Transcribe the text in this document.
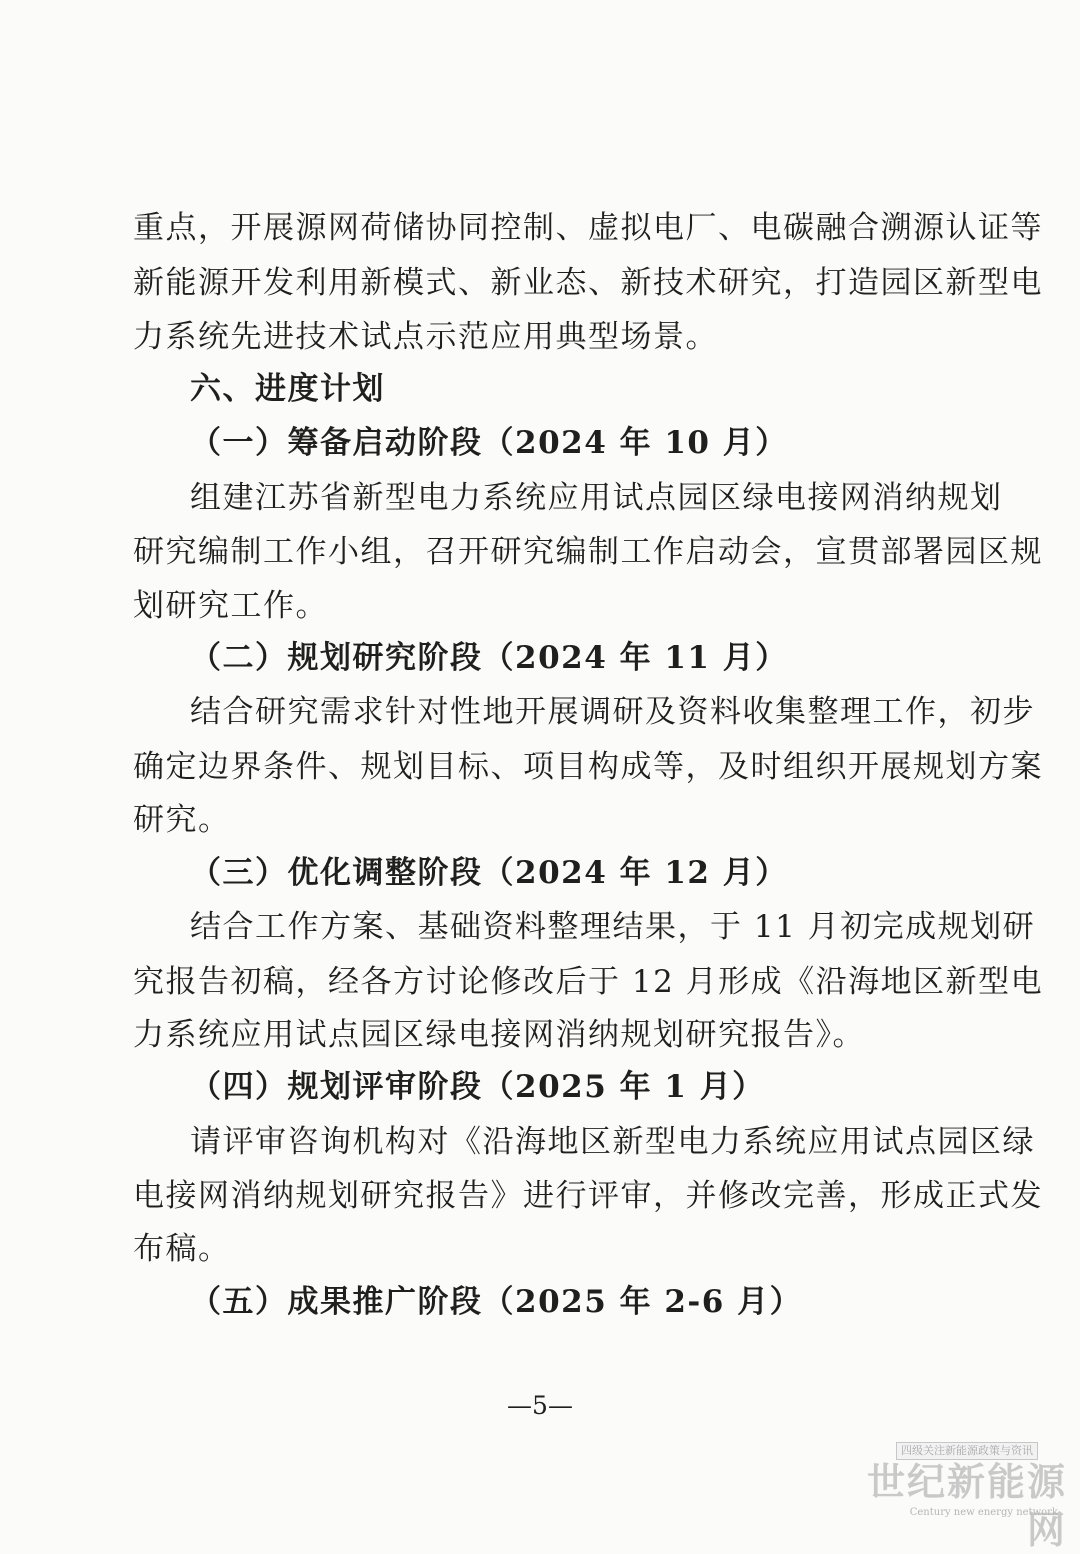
重点，开展源网荷储协同控制、虚拟电厂、电碳融合溯源认证等
新能源开发利用新模式、新业态、新技术研究，打造园区新型电
力系统先进技术试点示范应用典型场景。
六、进度计划
（一）筹备启动阶段（2024 年 10 月）
组建江苏省新型电力系统应用试点园区绿电接网消纳规划
研究编制工作小组，召开研究编制工作启动会，宣贯部署园区规
划研究工作。
（二）规划研究阶段（2024 年 11 月）
结合研究需求针对性地开展调研及资料收集整理工作，初步
确定边界条件、规划目标、项目构成等，及时组织开展规划方案
研究。
（三）优化调整阶段（2024 年 12 月）
结合工作方案、基础资料整理结果，于 11 月初完成规划研
究报告初稿，经各方讨论修改后于 12 月形成《沿海地区新型电
力系统应用试点园区绿电接网消纳规划研究报告》。
（四）规划评审阶段（2025 年 1 月）
请评审咨询机构对《沿海地区新型电力系统应用试点园区绿
电接网消纳规划研究报告》进行评审，并修改完善，形成正式发
布稿。
（五）成果推广阶段（2025 年 2-6 月）
—5—
四级关注新能源政策与资讯
世纪新能源网
Century new energy network
